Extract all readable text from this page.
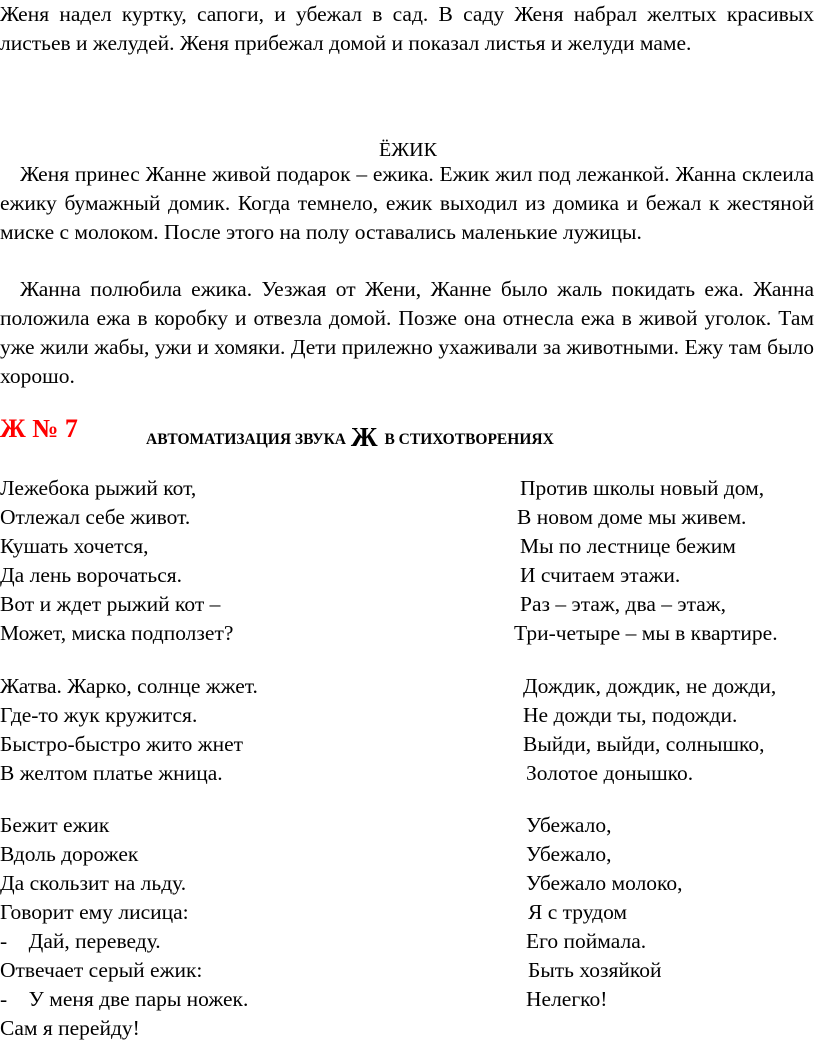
Женя надел куртку, сапоги, и убежал в сад. В саду Женя набрал желтых красивых листьев и желудей. Женя прибежал домой и показал листья и желуди маме.

ЁЖИК

Женя принес Жанне живой подарок – ежика. Ежик жил под лежанкой. Жанна склеила ежику бумажный домик. Когда темнело, ежик выходил из домика и бежал к жестяной миске с молоком. После этого на полу оставались маленькие лужицы.

Жанна полюбила ежика. Уезжая от Жени, Жанне было жаль покидать ежа. Жанна положила ежа в коробку и отвезла домой. Позже она отнесла ежа в живой уголок. Там уже жили жабы, ужи и хомяки. Дети прилежно ухаживали за животными. Ежу там было хорошо.

Ж № 7	АВТОМАТИЗАЦИЯ ЗВУКА Ж В СТИХОТВОРЕНИЯХ
Лежебока рыжий кот,
Отлежал себе живот.
Кушать хочется,
Да лень ворочаться.
Вот и ждет рыжий кот –
Может, миска подползет?
Против школы новый дом,
В новом доме мы живем.
Мы по лестнице бежим
И считаем этажи.
Раз – этаж, два – этаж,
Три-четыре – мы в квартире.
Жатва. Жарко, солнце жжет.
Где-то жук кружится.
Быстро-быстро жито жнет
В желтом платье жница.
Дождик, дождик, не дожди,
Не дожди ты, подожди.
Выйди, выйди, солнышко,
Золотое донышко.
Бежит ежик
Вдоль дорожек
Да скользит на льду.
Говорит ему лисица:
-    Дай, переведу.
Отвечает серый ежик:
-    У меня две пары ножек.
Сам я перейду!
Убежало,
Убежало,
Убежало молоко,
Я с трудом
Его поймала.
Быть хозяйкой
Нелегко!
